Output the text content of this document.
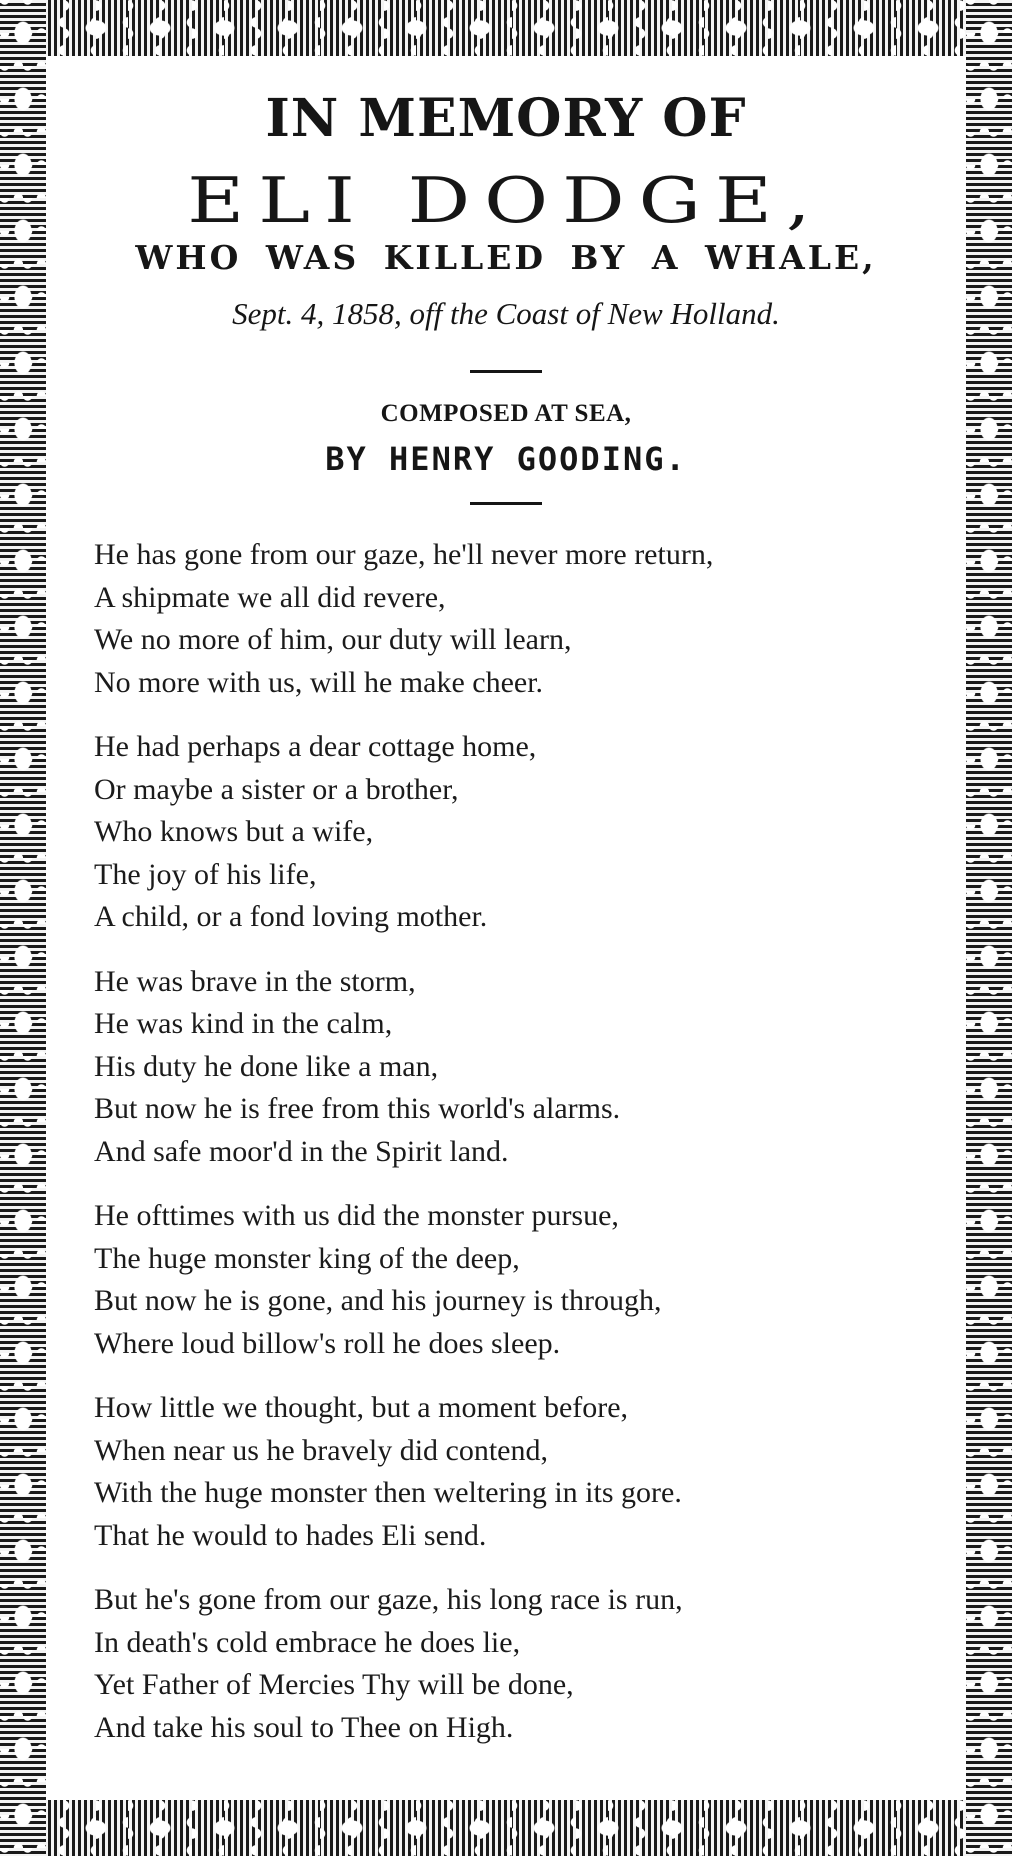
IN MEMORY OF
ELI DODGE,
WHO WAS KILLED BY A WHALE,
Sept. 4, 1858, off the Coast of New Holland.
COMPOSED AT SEA,
BY HENRY GOODING.
He has gone from our gaze, he'll never more return,
A shipmate we all did revere,
We no more of him, our duty will learn,
No more with us, will he make cheer.
He had perhaps a dear cottage home,
Or maybe a sister or a brother,
Who knows but a wife,
The joy of his life,
A child, or a fond loving mother.
He was brave in the storm,
He was kind in the calm,
His duty he done like a man,
But now he is free from this world's alarms.
And safe moor'd in the Spirit land.
He ofttimes with us did the monster pursue,
The huge monster king of the deep,
But now he is gone, and his journey is through,
Where loud billow's roll he does sleep.
How little we thought, but a moment before,
When near us he bravely did contend,
With the huge monster then weltering in its gore.
That he would to hades Eli send.
But he's gone from our gaze, his long race is run,
In death's cold embrace he does lie,
Yet Father of Mercies Thy will be done,
And take his soul to Thee on High.
